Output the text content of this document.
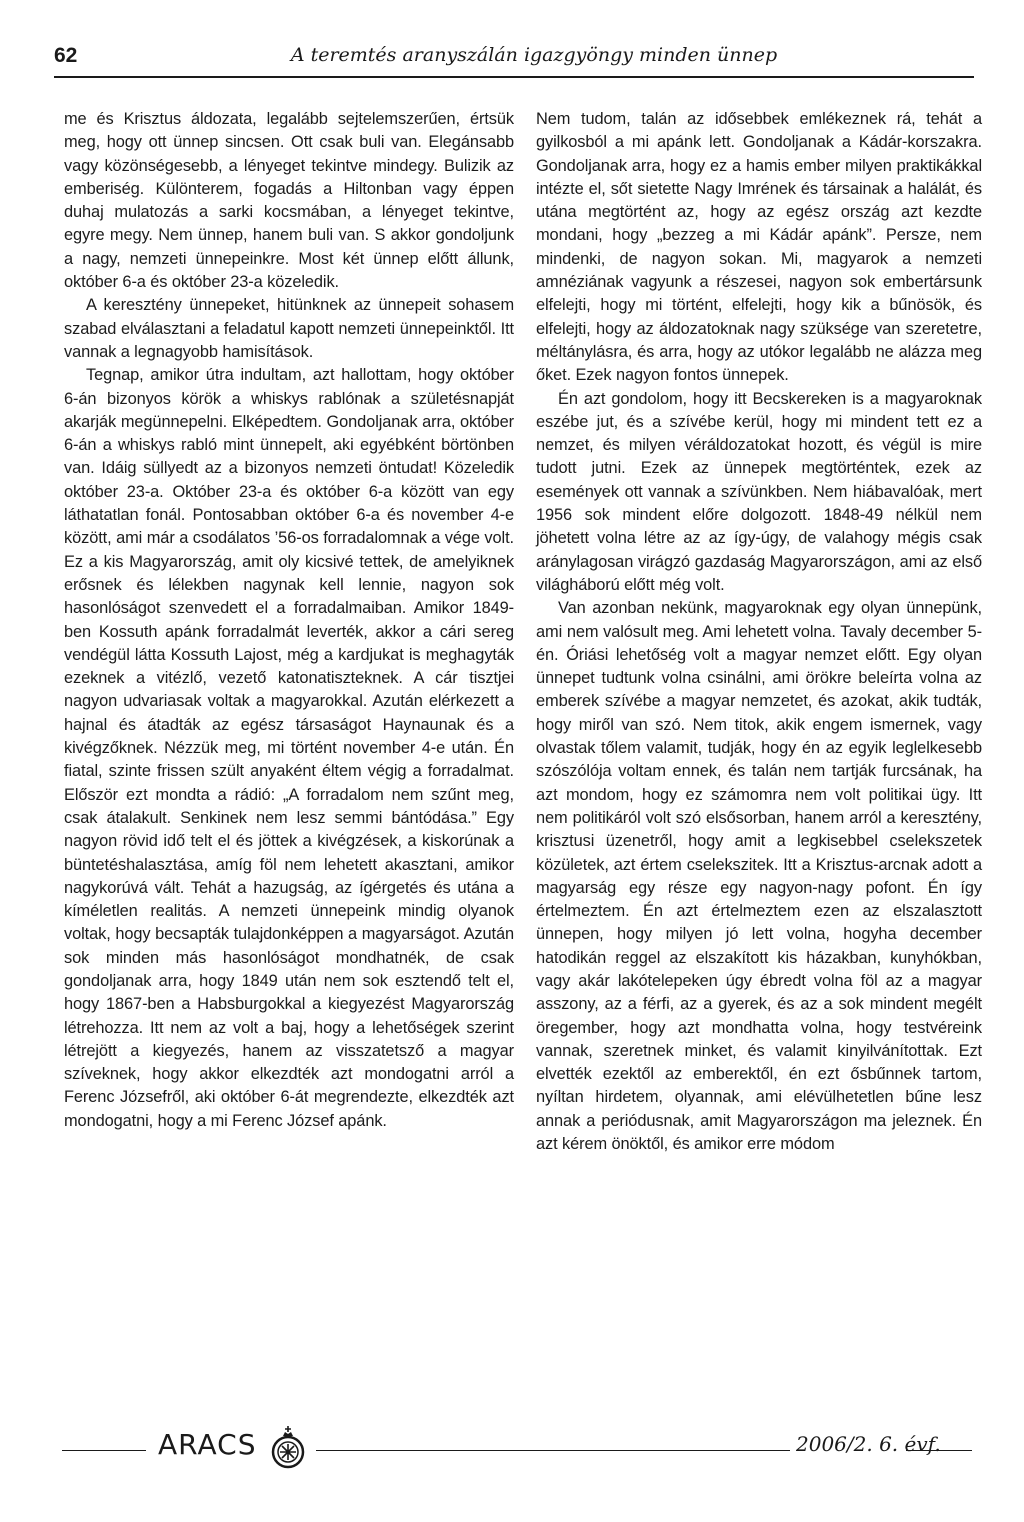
62	A teremtés aranyszálán igazgyöngy minden ünnep

me és Krisztus áldozata, legalább sejtelemszerűen, értsük meg, hogy ott ünnep sincsen. Ott csak buli van. Elegánsabb vagy közönségesebb, a lényeget tekintve mindegy. Bulizik az emberiség. Különterem, fogadás a Hiltonban vagy éppen duhaj mulatozás a sarki kocsmában, a lényeget tekintve, egyre megy. Nem ünnep, hanem buli van. S akkor gondoljunk a nagy, nemzeti ünnepeinkre. Most két ünnep előtt állunk, október 6-a és október 23-a közeledik.

A keresztény ünnepeket, hitünknek az ünnepeit sohasem szabad elválasztani a feladatul kapott nemzeti ünnepeinktől. Itt vannak a legnagyobb hamisítások.

Tegnap, amikor útra indultam, azt hallottam, hogy október 6-án bizonyos körök a whiskys rablónak a születésnapját akarják megünnepelni. Elképedtem. Gondoljanak arra, október 6-án a whiskys rabló mint ünnepelt, aki egyébként börtönben van. Idáig süllyedt az a bizonyos nemzeti öntudat! Közeledik október 23-a. Október 23-a és október 6-a között van egy láthatatlan fonál. Pontosabban október 6-a és november 4-e között, ami már a csodálatos ’56-os forradalomnak a vége volt. Ez a kis Magyarország, amit oly kicsivé tettek, de amelyiknek erősnek és lélekben nagynak kell lennie, nagyon sok hasonlóságot szenvedett el a forradalmaiban. Amikor 1849-ben Kossuth apánk forradalmát leverték, akkor a cári sereg vendégül látta Kossuth Lajost, még a kardjukat is meghagyták ezeknek a vitézlő, vezető katonatiszteknek. A cár tisztjei nagyon udvariasak voltak a magyarokkal. Azután elérkezett a hajnal és átadták az egész társaságot Haynaunak és a kivégzőknek. Nézzük meg, mi történt november 4-e után. Én fiatal, szinte frissen szült anyaként éltem végig a forradalmat. Először ezt mondta a rádió: „A forradalom nem szűnt meg, csak átalakult. Senkinek nem lesz semmi bántódása.” Egy nagyon rövid idő telt el és jöttek a kivégzések, a kiskorúnak a büntetéshalasztása, amíg föl nem lehetett akasztani, amikor nagykorúvá vált. Tehát a hazugság, az ígérgetés és utána a kíméletlen realitás. A nemzeti ünnepeink mindig olyanok voltak, hogy becsapták tulajdonképpen a magyarságot. Azután sok minden más hasonlóságot mondhatnék, de csak gondoljanak arra, hogy 1849 után nem sok esztendő telt el, hogy 1867-ben a Habsburgokkal a kiegyezést Magyarország létrehozza. Itt nem az volt a baj, hogy a lehetőségek szerint létrejött a kiegyezés, hanem az visszatetsző a magyar szíveknek, hogy akkor elkezdték azt mondogatni arról a Ferenc Józsefről, aki október 6-át megrendezte, elkezdték azt mondogatni, hogy a mi Ferenc József apánk.

Nem tudom, talán az idősebbek emlékeznek rá, tehát a gyilkosból a mi apánk lett. Gondoljanak a Kádár-korszakra. Gondoljanak arra, hogy ez a hamis ember milyen praktikákkal intézte el, sőt sietette Nagy Imrének és társainak a halálát, és utána megtörtént az, hogy az egész ország azt kezdte mondani, hogy „bezzeg a mi Kádár apánk”. Persze, nem mindenki, de nagyon sokan. Mi, magyarok a nemzeti amnéziának vagyunk a részesei, nagyon sok embertársunk elfelejti, hogy mi történt, elfelejti, hogy kik a bűnösök, és elfelejti, hogy az áldozatoknak nagy szüksége van szeretetre, méltánylásra, és arra, hogy az utókor legalább ne alázza meg őket. Ezek nagyon fontos ünnepek.

Én azt gondolom, hogy itt Becskereken is a magyaroknak eszébe jut, és a szívébe kerül, hogy mi mindent tett ez a nemzet, és milyen véráldozatokat hozott, és végül is mire tudott jutni. Ezek az ünnepek megtörténtek, ezek az események ott vannak a szívünkben. Nem hiábavalóak, mert 1956 sok mindent előre dolgozott. 1848-49 nélkül nem jöhetett volna létre az az így-úgy, de valahogy mégis csak aránylagosan virágzó gazdaság Magyarországon, ami az első világháború előtt még volt.

Van azonban nekünk, magyaroknak egy olyan ünnepünk, ami nem valósult meg. Ami lehetett volna. Tavaly december 5-én. Óriási lehetőség volt a magyar nemzet előtt. Egy olyan ünnepet tudtunk volna csinálni, ami örökre beleírta volna az emberek szívébe a magyar nemzetet, és azokat, akik tudták, hogy miről van szó. Nem titok, akik engem ismernek, vagy olvastak tőlem valamit, tudják, hogy én az egyik leglelkesebb szószólója voltam ennek, és talán nem tartják furcsának, ha azt mondom, hogy ez számomra nem volt politikai ügy. Itt nem politikáról volt szó elsősorban, hanem arról a keresztény, krisztusi üzenetről, hogy amit a legkisebbel cselekszetek közületek, azt értem cselekszitek. Itt a Krisztus-arcnak adott a magyarság egy része egy nagyon-nagy pofont. Én így értelmeztem. Én azt értelmeztem ezen az elszalasztott ünnepen, hogy milyen jó lett volna, hogyha december hatodikán reggel az elszakított kis házakban, kunyhókban, vagy akár lakótelepeken úgy ébredt volna föl az a magyar asszony, az a férfi, az a gyerek, és az a sok mindent megélt öregember, hogy azt mondhatta volna, hogy testvéreink vannak, szeretnek minket, és valamit kinyilvánítottak. Ezt elvették ezektől az emberektől, én ezt ősbűnnek tartom, nyíltan hirdetem, olyannak, ami elévülhetetlen bűne lesz annak a periódusnak, amit Magyarországon ma jeleznek. Én azt kérem önöktől, és amikor erre módom

ARACS	2006/2. 6. évf.
